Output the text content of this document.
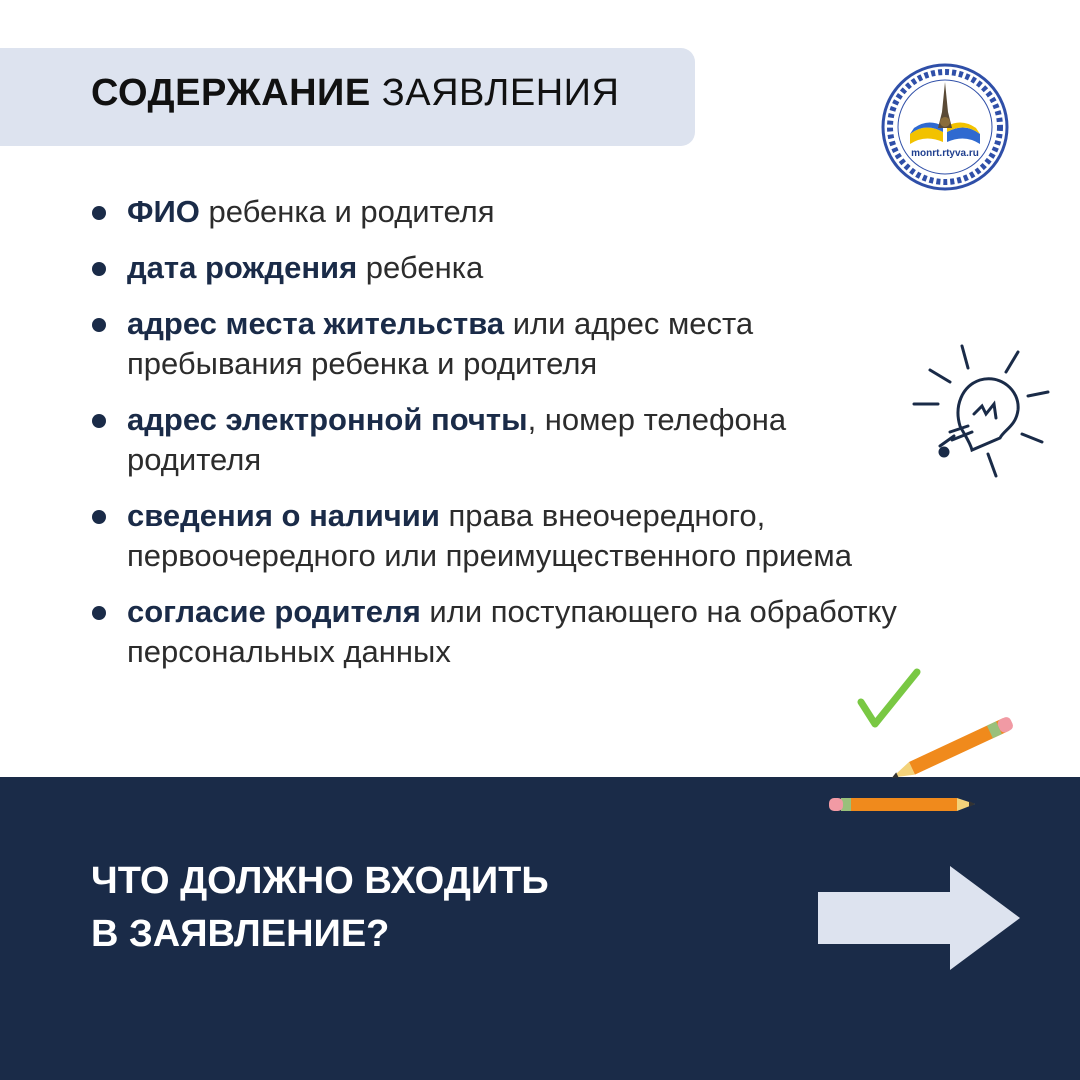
СОДЕРЖАНИЕ ЗАЯВЛЕНИЯ
monrt.rtyva.ru
ФИО ребенка и родителя
дата рождения ребенка
адрес места жительства или адрес места пребывания ребенка и родителя
адрес электронной почты, номер телефона родителя
сведения о наличии права внеочередного, первоочередного или преимущественного приема
согласие родителя или поступающего на обработку персональных данных
ЧТО ДОЛЖНО ВХОДИТЬ
В ЗАЯВЛЕНИЕ?
